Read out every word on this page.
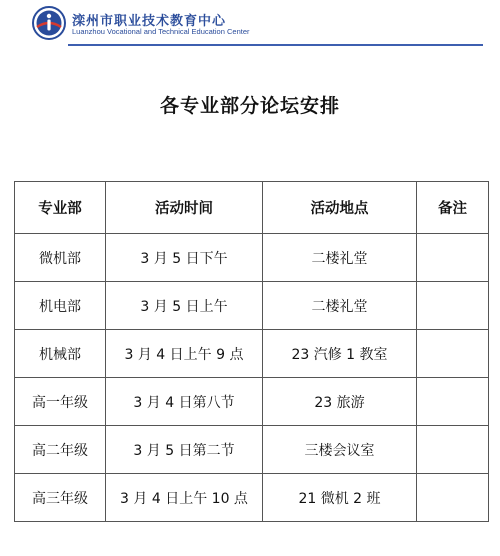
滦州市职业技术教育中心
Luanzhou Vocational and Technical Education Center
各专业部分论坛安排
专业部	活动时间	活动地点	备注
微机部	3 月 5 日下午	二楼礼堂	
机电部	3 月 5 日上午	二楼礼堂	
机械部	3 月 4 日上午 9 点	23 汽修 1 教室	
高一年级	3 月 4 日第八节	23 旅游	
高二年级	3 月 5 日第二节	三楼会议室	
高三年级	3 月 4 日上午 10 点	21 微机 2 班	
